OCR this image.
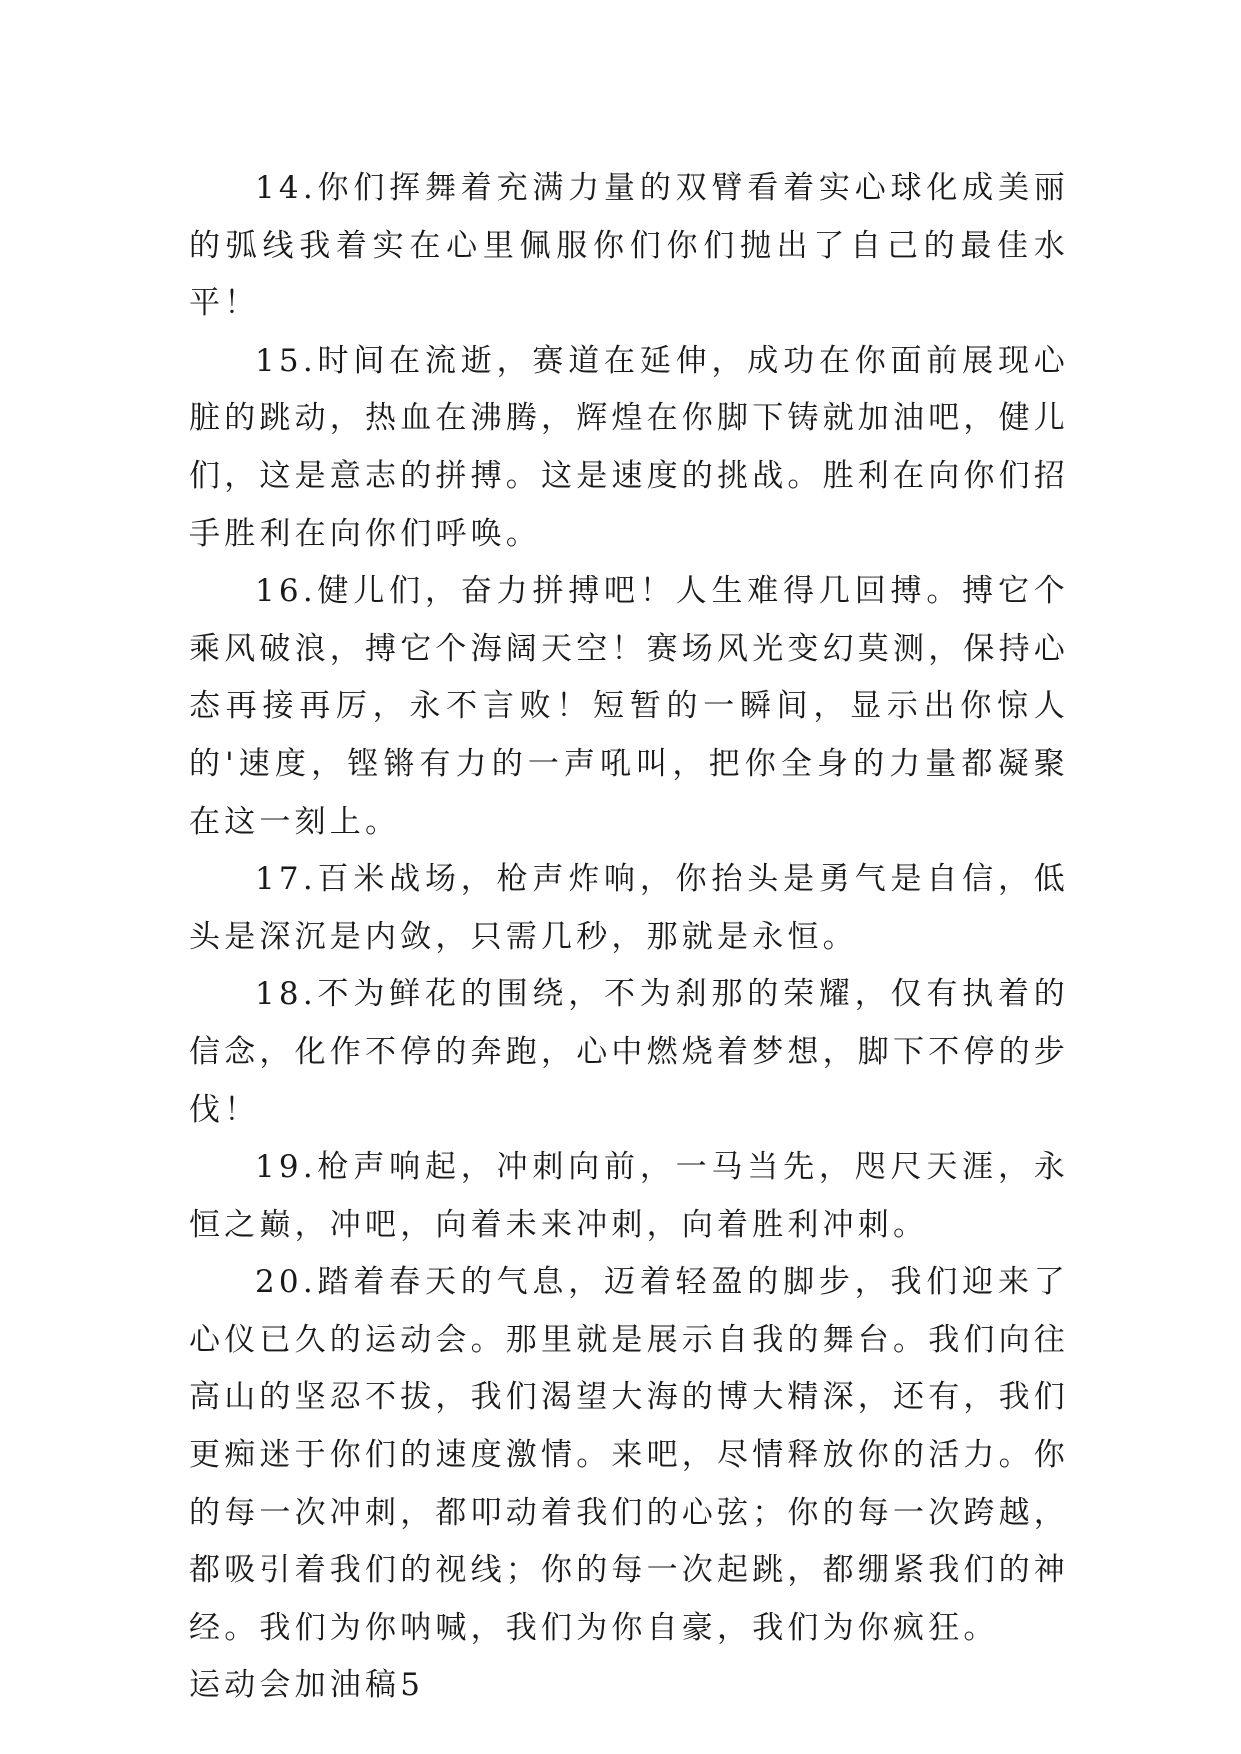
14.你们挥舞着充满力量的双臂看着实心球化成美丽的弧线我着实在心里佩服你们你们抛出了自己的最佳水平！

15.时间在流逝，赛道在延伸，成功在你面前展现心脏的跳动，热血在沸腾，辉煌在你脚下铸就加油吧，健儿们，这是意志的拼搏。这是速度的挑战。胜利在向你们招手胜利在向你们呼唤。

16.健儿们，奋力拼搏吧！人生难得几回搏。搏它个乘风破浪，搏它个海阔天空！赛场风光变幻莫测，保持心态再接再厉，永不言败！短暂的一瞬间，显示出你惊人的'速度，铿锵有力的一声吼叫，把你全身的力量都凝聚在这一刻上。

17.百米战场，枪声炸响，你抬头是勇气是自信，低头是深沉是内敛，只需几秒，那就是永恒。

18.不为鲜花的围绕，不为刹那的荣耀，仅有执着的信念，化作不停的奔跑，心中燃烧着梦想，脚下不停的步伐！

19.枪声响起，冲刺向前，一马当先，咫尺天涯，永恒之巅，冲吧，向着未来冲刺，向着胜利冲刺。

20.踏着春天的气息，迈着轻盈的脚步，我们迎来了心仪已久的运动会。那里就是展示自我的舞台。我们向往高山的坚忍不拔，我们渴望大海的博大精深，还有，我们更痴迷于你们的速度激情。来吧，尽情释放你的活力。你的每一次冲刺，都叩动着我们的心弦；你的每一次跨越，都吸引着我们的视线；你的每一次起跳，都绷紧我们的神经。我们为你呐喊，我们为你自豪，我们为你疯狂。

运动会加油稿5
